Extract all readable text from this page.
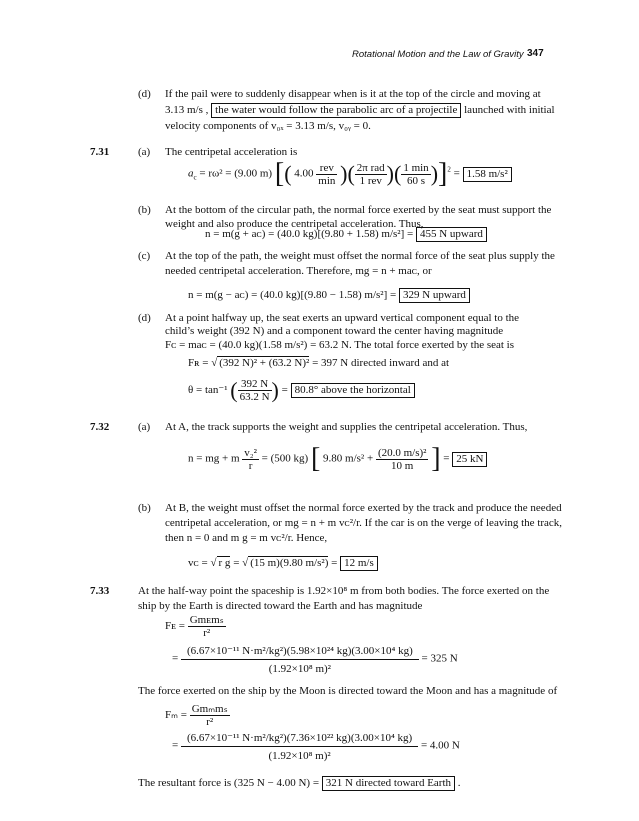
Rotational Motion and the Law of Gravity 347
(d) If the pail were to suddenly disappear when is it at the top of the circle and moving at
3.13 m/s , the water would follow the parabolic arc of a projectile launched with initial
velocity components of v₀ₓ = 3.13 m/s, v₀ᵧ = 0.
7.31	(a) The centripetal acceleration is
$a_c = r\omega^2 = (9.00$ m) [( $4.00 \frac{\text{rev}}{\min}$ )( $\frac{\text{2π rad}}{\text{1 rev}}$ )( $\frac{1 \min}{60 s} )]^2 = 1.58$ m/s²
(b) At the bottom of the circular path, the normal force exerted by the seat must support the
weight and also produce the centripetal acceleration. Thus,
n = m(g + aᴄ) = (40.0 kg)[(9.80 + 1.58) m/s²] = 455 N upward
(c) At the top of the path, the weight must offset the normal force of the seat plus supply the
needed centripetal acceleration. Therefore, mg = n + maᴄ, or
n = m(g − aᴄ) = (40.0 kg)[(9.80 − 1.58) m/s²] = 329 N upward
(d) At a point halfway up, the seat exerts an upward vertical component equal to the
child’s weight (392 N) and a component toward the center having magnitude
Fᴄ = maᴄ = (40.0 kg)(1.58 m/s²) = 63.2 N. The total force exerted by the seat is
Fʀ = √ (392 N)² + (63.2 N)² = 397 N directed inward and at
θ = tan⁻¹ ( $\frac{392 N}{63.2 N}$ ) = 80.8° above the horizontal
7.32	(a) At A, the track supports the weight and supplies the centripetal acceleration. Thus,
n = mg + m $\frac{\text{v₂²}}{r} = (500$ kg) [ 9.80 $m/s^2 + \frac{\text{(20.0 m/s)²}}{10 m}$ ] = 25 kN
(b) At B, the weight must offset the normal force exerted by the track and produce the needed
centripetal acceleration, or mg = n + m vᴄ²/r. If the car is on the verge of leaving the track,
then n = 0 and m g = m vᴄ²/r. Hence,
vᴄ = √ r g = √ (15 m)(9.80 m/s²) = 12 m/s
7.33	At the half-way point the spaceship is 1.92×10⁸ m from both bodies. The force exerted on the
ship by the Earth is directed toward the Earth and has magnitude
Fᴇ = $\frac{\text{Gmᴇmₛ}}{\text{r²}}$
= $\frac{\text{(6.67×10⁻¹¹ N·m²/kg²)(5.98×10²⁴ kg)(3.00×10⁴ kg)}}{\text{(1.92×10⁸ m)²}} = 325$ N
The force exerted on the ship by the Moon is directed toward the Moon and has a magnitude of
$F_m = \frac{\text{Gmₘmₛ}}{\text{r²}}$
= $\frac{\text{(6.67×10⁻¹¹ N·m²/kg²)(7.36×10²² kg)(3.00×10⁴ kg)}}{\text{(1.92×10⁸ m)²}} = 4.00$ N
The resultant force is (325 N − 4.00 N) = 321 N directed toward Earth .
